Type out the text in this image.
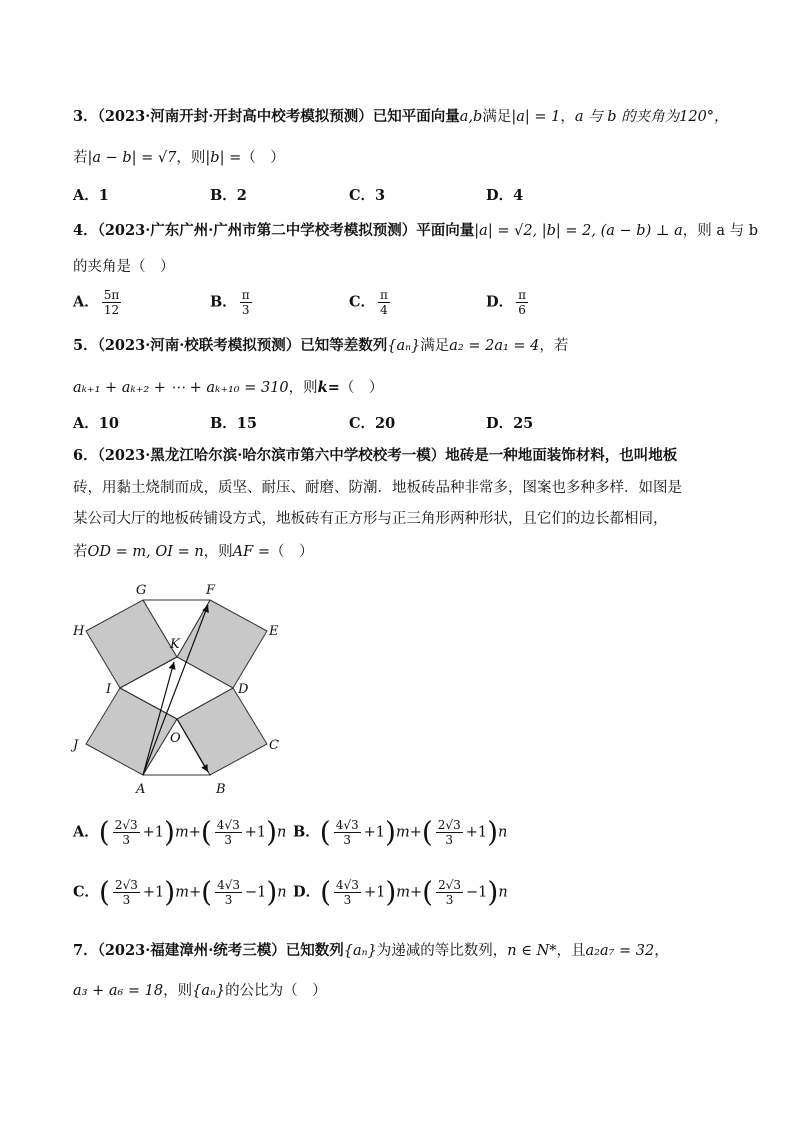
3．（2023·河南开封·开封高中校考模拟预测）已知平面向量a,b满足|a| = 1，a 与 b 的夹角为120°，
若|a − b| = √7，则|b| =（　）
A．1	B．2	C．3	D．4
4．（2023·广东广州·广州市第二中学校考模拟预测）平面向量|a| = √2, |b| = 2, (a − b) ⊥ a，则 a 与 b
的夹角是（　）
A． $\frac{5\pi}{12}$	B． $\frac{\pi}{3}$	C． $\frac{\pi}{4}$	D． $\frac{\pi}{6}$
5．（2023·河南·校联考模拟预测）已知等差数列{aₙ}满足a₂ = 2a₁ = 4，若
aₖ₊₁ + aₖ₊₂ + ⋯ + aₖ₊₁₀ = 310，则k=（　）
A．10	B．15	C．20	D．25
6．（2023·黑龙江哈尔滨·哈尔滨市第六中学校校考一模）地砖是一种地面装饰材料，也叫地板
砖，用黏土烧制而成，质坚、耐压、耐磨、防潮．地板砖品种非常多，图案也多种多样．如图是
某公司大厅的地板砖铺设方式，地板砖有正方形与正三角形两种形状，且它们的边长都相同，
若OD = m, OI = n，则AF =（　）
G	F
H	E
K
I	D
J	O	C
A	B
A．( $\frac{2√3}{3} +1)m+( \frac{4√3}{3} +1)n$ B．( $\frac{4√3}{3} +1)m+( \frac{2√3}{3} +1)n$
C．( $\frac{2√3}{3} +1)m+( \frac{4√3}{3} -1)n$ D．( $\frac{4√3}{3} +1)m+( \frac{2√3}{3} -1)n$
7．（2023·福建漳州·统考三模）已知数列{aₙ}为递减的等比数列，n ∈ N*，且a₂a₇ = 32，
a₃ + a₆ = 18，则{aₙ}的公比为（　）
